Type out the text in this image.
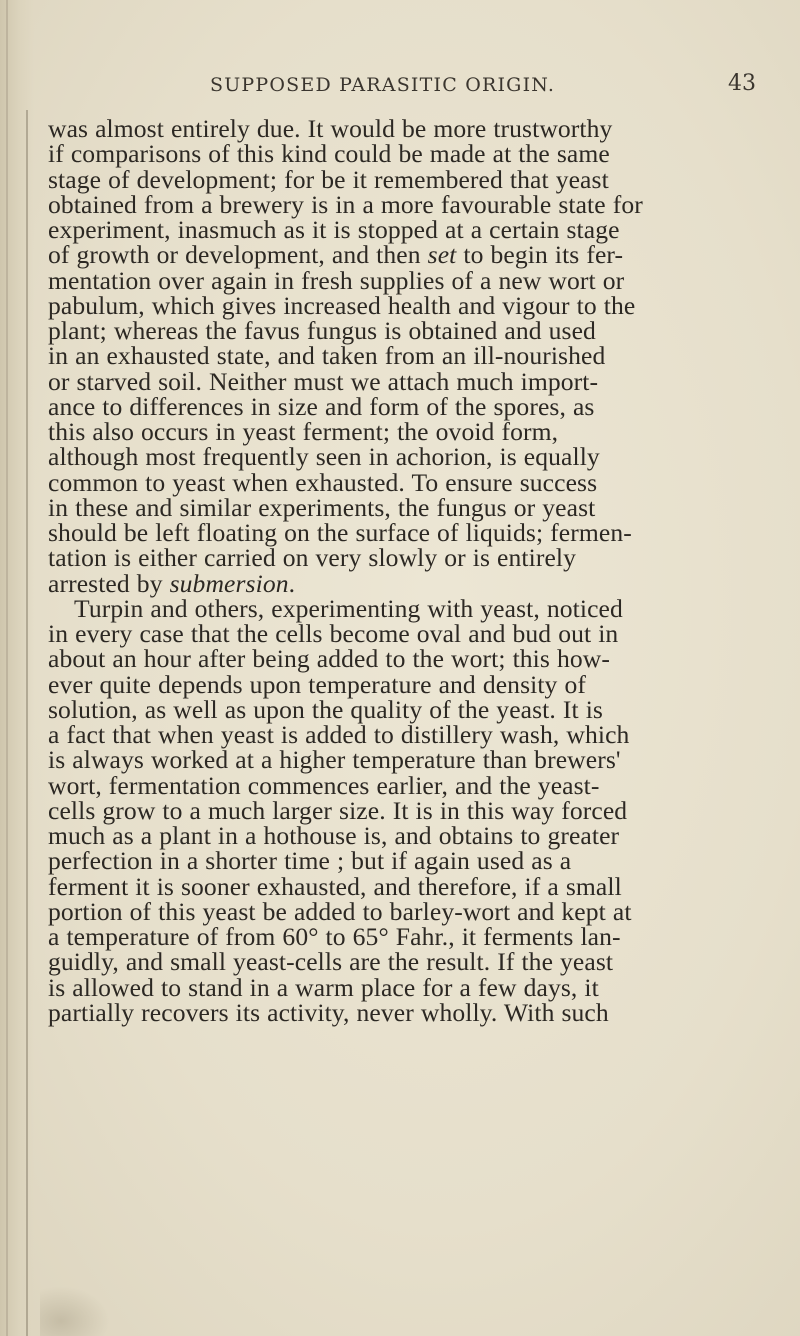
SUPPOSED PARASITIC ORIGIN.	43
was almost entirely due. It would be more trustworthy
if comparisons of this kind could be made at the same
stage of development; for be it remembered that yeast
obtained from a brewery is in a more favourable state for
experiment, inasmuch as it is stopped at a certain stage
of growth or development, and then set to begin its fer-
mentation over again in fresh supplies of a new wort or
pabulum, which gives increased health and vigour to the
plant; whereas the favus fungus is obtained and used
in an exhausted state, and taken from an ill-nourished
or starved soil. Neither must we attach much import-
ance to differences in size and form of the spores, as
this also occurs in yeast ferment; the ovoid form,
although most frequently seen in achorion, is equally
common to yeast when exhausted. To ensure success
in these and similar experiments, the fungus or yeast
should be left floating on the surface of liquids; fermen-
tation is either carried on very slowly or is entirely
arrested by submersion.
Turpin and others, experimenting with yeast, noticed
in every case that the cells become oval and bud out in
about an hour after being added to the wort; this how-
ever quite depends upon temperature and density of
solution, as well as upon the quality of the yeast. It is
a fact that when yeast is added to distillery wash, which
is always worked at a higher temperature than brewers'
wort, fermentation commences earlier, and the yeast-
cells grow to a much larger size. It is in this way forced
much as a plant in a hothouse is, and obtains to greater
perfection in a shorter time ; but if again used as a
ferment it is sooner exhausted, and therefore, if a small
portion of this yeast be added to barley-wort and kept at
a temperature of from 60° to 65° Fahr., it ferments lan-
guidly, and small yeast-cells are the result. If the yeast
is allowed to stand in a warm place for a few days, it
partially recovers its activity, never wholly. With such
